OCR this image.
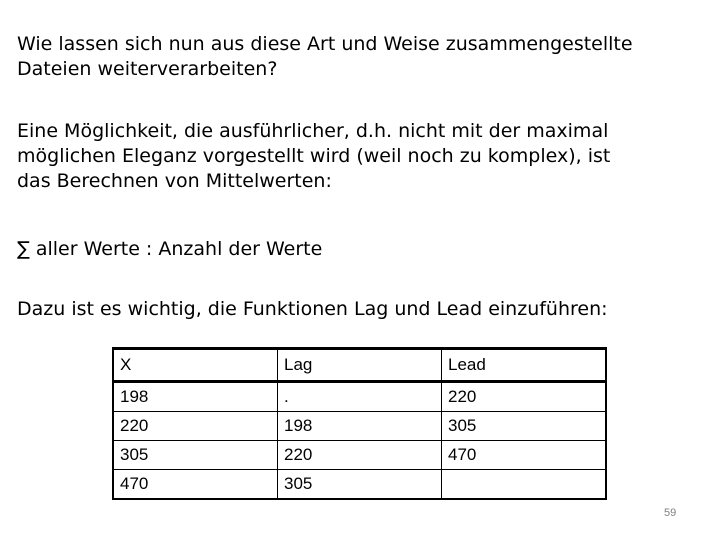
Wie lassen sich nun aus diese Art und Weise zusammengestellte
Dateien weiterverarbeiten?

Eine Möglichkeit, die ausführlicher, d.h. nicht mit der maximal
möglichen Eleganz vorgestellt wird (weil noch zu komplex), ist
das Berechnen von Mittelwerten:

∑ aller Werte : Anzahl der Werte

Dazu ist es wichtig, die Funktionen Lag und Lead einzuführen:

X	Lag	Lead
198	.	220
220	198	305
305	220	470
470	305	
59
